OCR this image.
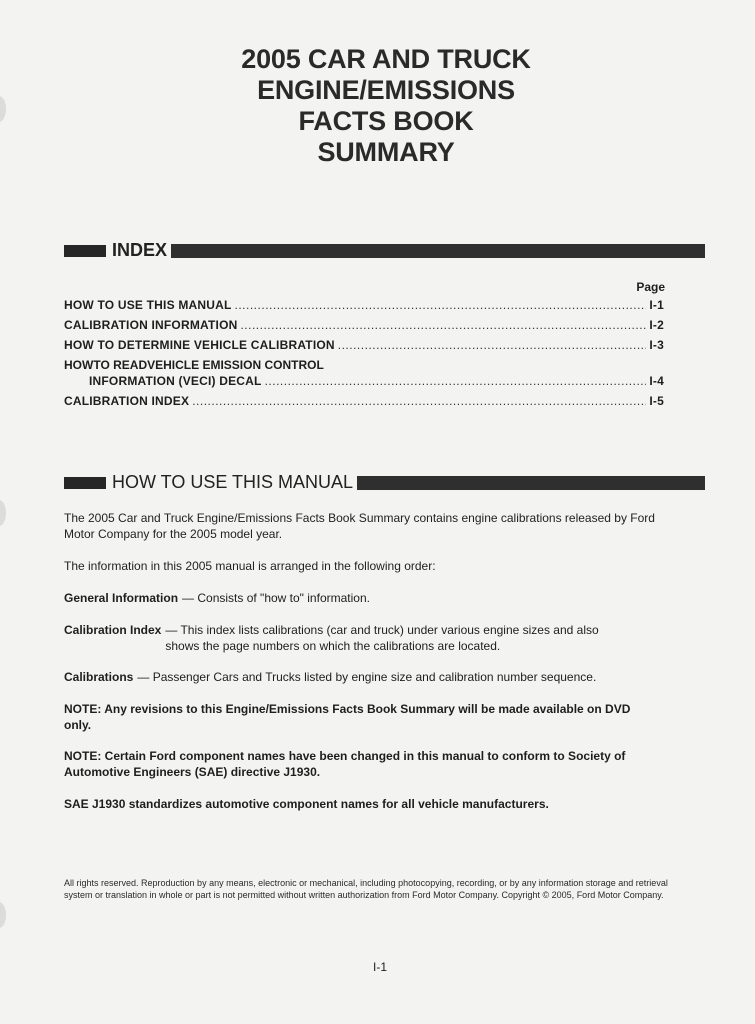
2005 CAR AND TRUCK
ENGINE/EMISSIONS
FACTS BOOK
SUMMARY
INDEX
Page
HOW TO USE THIS MANUAL .....	I-1
CALIBRATION INFORMATION .....	I-2
HOW TO DETERMINE VEHICLE CALIBRATION .....	I-3
HOWTO READVEHICLE EMISSION CONTROL
INFORMATION (VECI) DECAL .....	I-4
CALIBRATION INDEX .....	I-5
HOW TO USE THIS MANUAL
The 2005 Car and Truck Engine/Emissions Facts Book Summary contains engine calibrations released by Ford Motor Company for the 2005 model year.
The information in this 2005 manual is arranged in the following order:
General Information — Consists of "how to" information.
Calibration Index — This index lists calibrations (car and truck) under various engine sizes and also shows the page numbers on which the calibrations are located.
Calibrations — Passenger Cars and Trucks listed by engine size and calibration number sequence.
NOTE: Any revisions to this Engine/Emissions Facts Book Summary will be made available on DVD only.
NOTE: Certain Ford component names have been changed in this manual to conform to Society of Automotive Engineers (SAE) directive J1930.
SAE J1930 standardizes automotive component names for all vehicle manufacturers.
All rights reserved. Reproduction by any means, electronic or mechanical, including photocopying, recording, or by any information storage and retrieval system or translation in whole or part is not permitted without written authorization from Ford Motor Company. Copyright © 2005, Ford Motor Company.
I-1
